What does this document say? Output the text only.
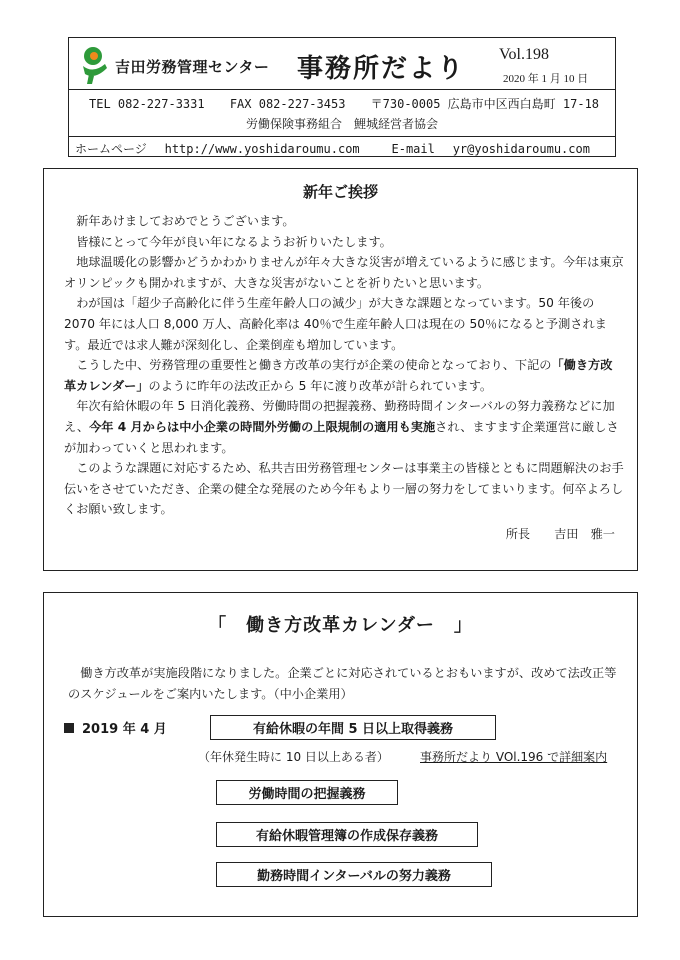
吉田労務管理センター 事務所だより Vol.198
2020 年 1 月 10 日
TEL 082-227-3331 FAX 082-227-3453 〒730-0005 広島市中区西白島町 17-18
労働保険事務組合　鯉城経営者協会
ホームページ http://www.yoshidaroumu.com	E-mail yr@yoshidaroumu.com
新年ご挨拶

新年あけましておめでとうございます。

皆様にとって今年が良い年になるようお祈りいたします。

地球温暖化の影響かどうかわかりませんが年々大きな災害が増えているように感じます。今年は東京オリンピックも開かれますが、大きな災害がないことを祈りたいと思います。

わが国は「超少子高齢化に伴う生産年齢人口の減少」が大きな課題となっています。50 年後の 2070 年には人口 8,000 万人、高齢化率は 40％で生産年齢人口は現在の 50％になると予測されます。最近では求人難が深刻化し、企業倒産も増加しています。

こうした中、労務管理の重要性と働き方改革の実行が企業の使命となっており、下記の「働き方改革カレンダー」のように昨年の法改正から 5 年に渡り改革が計られています。

年次有給休暇の年 5 日消化義務、労働時間の把握義務、勤務時間インターバルの努力義務などに加え、今年 4 月からは中小企業の時間外労働の上限規制の適用も実施され、ますます企業運営に厳しさが加わっていくと思われます。

このような課題に対応するため、私共吉田労務管理センターは事業主の皆様とともに問題解決のお手伝いをさせていただき、企業の健全な発展のため今年もより一層の努力をしてまいります。何卒よろしくお願い致します。

所長 吉田　雅一
「　働き方改革カレンダー　」
働き方改革が実施段階になりました。企業ごとに対応されているとおもいますが、改めて法改正等のスケジュールをご案内いたします。（中小企業用）
2019 年 4 月	有給休暇の年間 5 日以上取得義務
（年休発生時に 10 日以上ある者）	事務所だより VOl.196 で詳細案内
労働時間の把握義務
有給休暇管理簿の作成保存義務
勤務時間インターバルの努力義務
